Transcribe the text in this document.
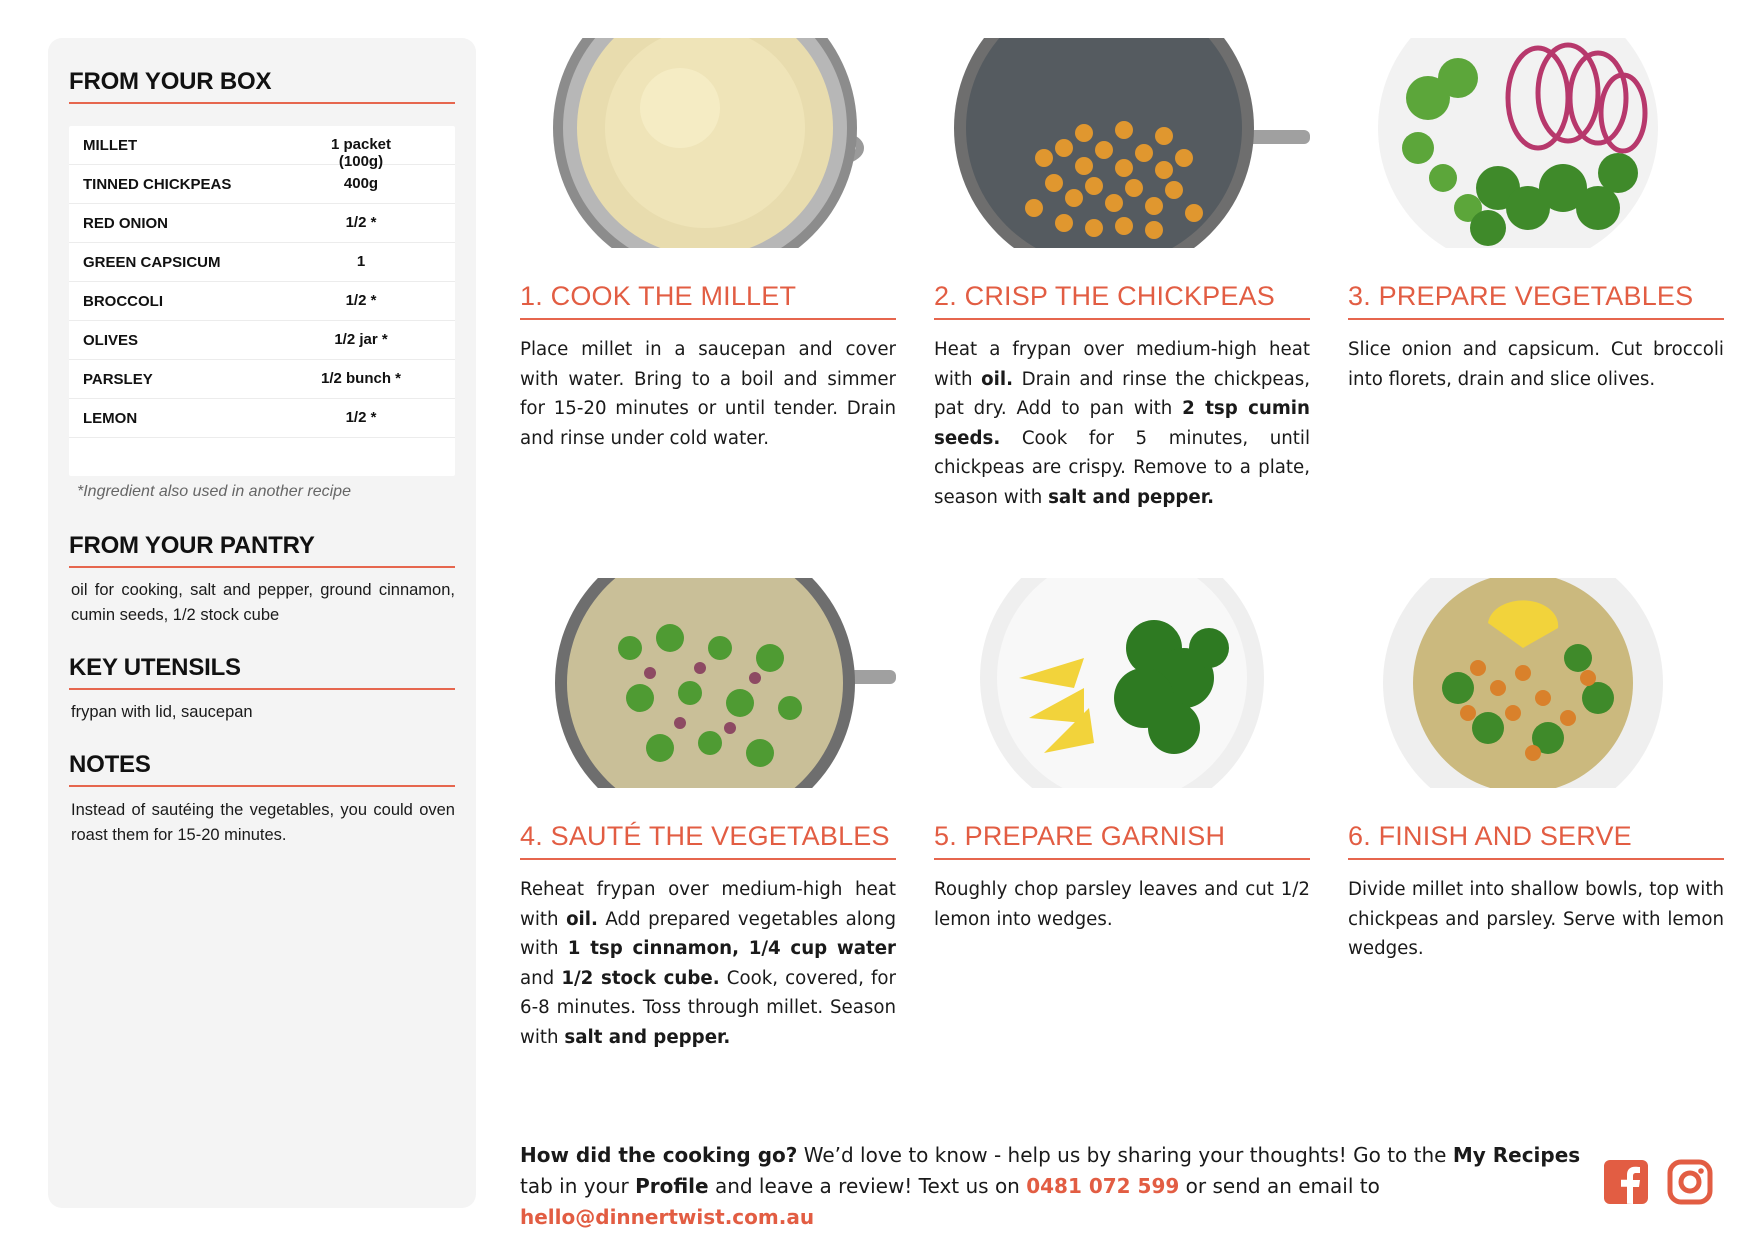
FROM YOUR BOX
MILLET	1 packet (100g)
TINNED CHICKPEAS	400g
RED ONION	1/2 *
GREEN CAPSICUM	1
BROCCOLI	1/2 *
OLIVES	1/2 jar *
PARSLEY	1/2 bunch *
LEMON	1/2 *
*Ingredient also used in another recipe
FROM YOUR PANTRY
oil for cooking, salt and pepper, ground cinnamon, cumin seeds, 1/2 stock cube
KEY UTENSILS
frypan with lid, saucepan
NOTES
Instead of sautéing the vegetables, you could oven roast them for 15-20 minutes.
1. COOK THE MILLET
Place millet in a saucepan and cover with water. Bring to a boil and simmer for 15-20 minutes or until tender. Drain and rinse under cold water.
2. CRISP THE CHICKPEAS
Heat a frypan over medium-high heat with oil. Drain and rinse the chickpeas, pat dry. Add to pan with 2 tsp cumin seeds. Cook for 5 minutes, until chickpeas are crispy. Remove to a plate, season with salt and pepper.
3. PREPARE VEGETABLES
Slice onion and capsicum. Cut broccoli into florets, drain and slice olives.
4. SAUTÉ THE VEGETABLES
Reheat frypan over medium-high heat with oil. Add prepared vegetables along with 1 tsp cinnamon, 1/4 cup water and 1/2 stock cube. Cook, covered, for 6-8 minutes. Toss through millet. Season with salt and pepper.
5. PREPARE GARNISH
Roughly chop parsley leaves and cut 1/2 lemon into wedges.
6. FINISH AND SERVE
Divide millet into shallow bowls, top with chickpeas and parsley. Serve with lemon wedges.
How did the cooking go? We’d love to know - help us by sharing your thoughts! Go to the My Recipes tab in your Profile and leave a review! Text us on 0481 072 599 or send an email to hello@dinnertwist.com.au
